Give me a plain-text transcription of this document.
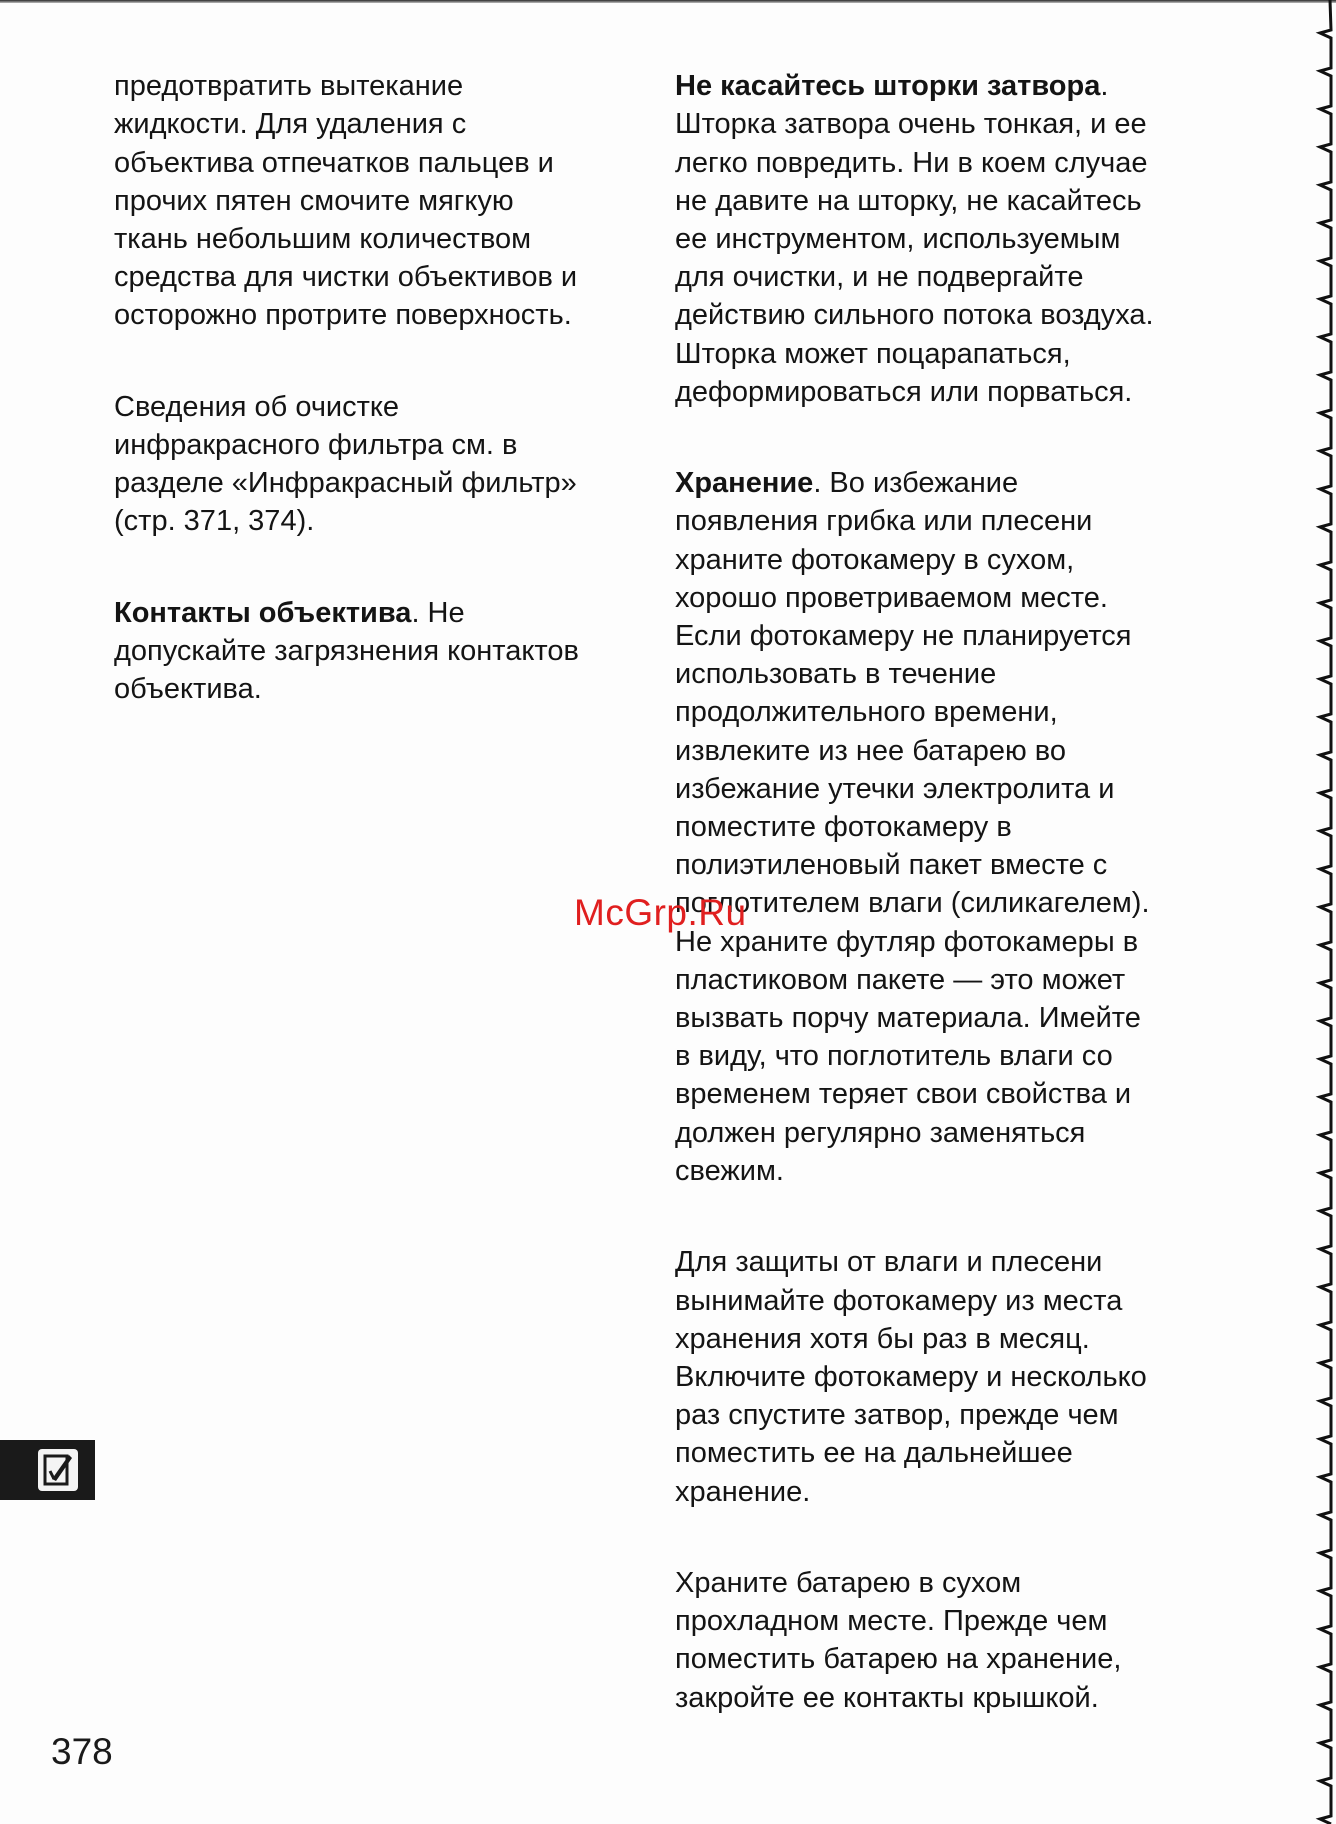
предотвратить вытекание
жидкости. Для удаления с
объектива отпечатков пальцев и
прочих пятен смочите мягкую
ткань небольшим количеством
средства для чистки объективов и
осторожно протрите поверхность.

Сведения об очистке
инфракрасного фильтра см. в
разделе «Инфракрасный фильтр»
(стр. 371, 374).

Контакты объектива. Не
допускайте загрязнения контактов
объектива.

Не касайтесь шторки затвора.
Шторка затвора очень тонкая, и ее
легко повредить. Ни в коем случае
не давите на шторку, не касайтесь
ее инструментом, используемым
для очистки, и не подвергайте
действию сильного потока воздуха.
Шторка может поцарапаться,
деформироваться или порваться.

Хранение. Во избежание
появления грибка или плесени
храните фотокамеру в сухом,
хорошо проветриваемом месте.
Если фотокамеру не планируется
использовать в течение
продолжительного времени,
извлеките из нее батарею во
избежание утечки электролита и
поместите фотокамеру в
полиэтиленовый пакет вместе с
поглотителем влаги (силикагелем).
Не храните футляр фотокамеры в
пластиковом пакете — это может
вызвать порчу материала. Имейте
в виду, что поглотитель влаги со
временем теряет свои свойства и
должен регулярно заменяться
свежим.

Для защиты от влаги и плесени
вынимайте фотокамеру из места
хранения хотя бы раз в месяц.
Включите фотокамеру и несколько
раз спустите затвор, прежде чем
поместить ее на дальнейшее
хранение.

Храните батарею в сухом
прохладном месте. Прежде чем
поместить батарею на хранение,
закройте ее контакты крышкой.

McGrp.Ru
378
